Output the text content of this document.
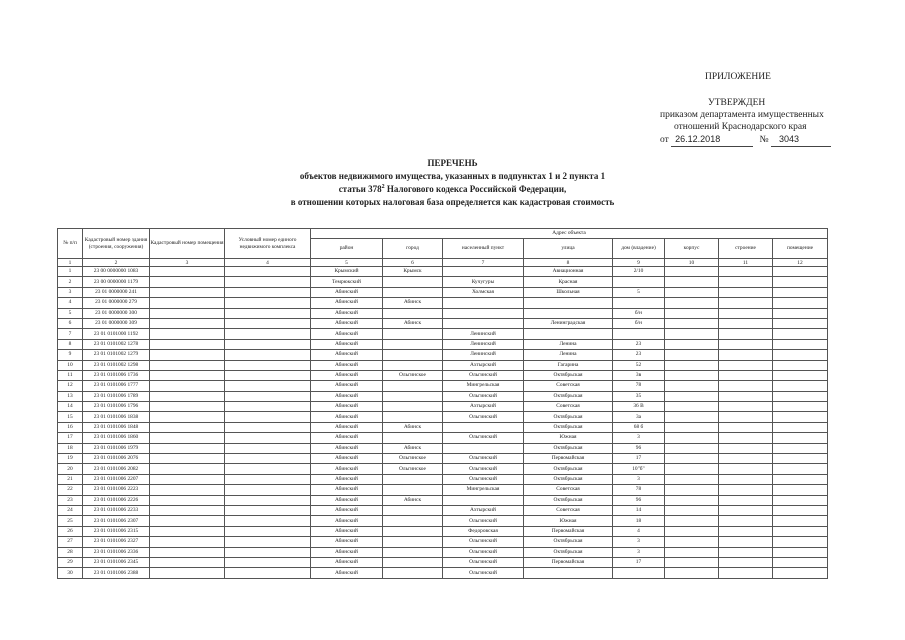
ПРИЛОЖЕНИЕ
УТВЕРЖДЕН
приказом департамента имущественных
отношений Краснодарского края
от 26.12.2018	№ 3043
ПЕРЕЧЕНЬ
объектов недвижимого имущества, указанных в подпунктах 1 и 2 пункта 1
статьи $378^2$ Налогового кодекса Российской Федерации,
в отношении которых налоговая база определяется как кадастровая стоимость
№ п/п	Кадастровый номер здания (строения, сооружения)	Кадастровый номер помещения	Условный номер единого недвижимого комплекса	Адрес объекта							
				район	город	населенный пункт	улица	дом (владение)	корпус	строение	помещение
1	2	3	4	5	6	7	8	9	10	11	12
1	23 00 0000000 1083			Крымский	Крымск		Авиационная	2/10			
2	23 00 0000000 1179			Темрюкский		Кучугуры	Красная				
3	23 01 0000000 241			Абинский		Холмская	Школьная	5			
4	23 01 0000000 279			Абинский	Абинск						
5	23 01 0000000 300			Абинский				б/н			
6	23 01 0000000 309			Абинский	Абинск		Ленинградская	б/н			
7	23 01 0101000 1192			Абинский		Ленинский					
8	23 01 0101002 1278			Абинский		Ленинский	Ленина	23			
9	23 01 0101002 1279			Абинский		Ленинский	Ленина	23			
10	23 01 0101002 1298			Абинский		Ахтырский	Гагарина	52			
11	23 01 0101006 1736			Абинский	Ольгинское	Ольгинский	Октябрьская	3в			
12	23 01 0101006 1777			Абинский		Мингрельская	Советская	78			
13	23 01 0101006 1789			Абинский		Ольгинский	Октябрьская	35			
14	23 01 0101006 1796			Абинский		Ахтырский	Советская	36 В			
15	23 01 0101006 1838			Абинский		Ольгинский	Октябрьская	3а			
16	23 01 0101006 1848			Абинский	Абинск		Октябрьская	68 б			
17	23 01 0101006 1860			Абинский		Ольгинский	Южная	3			
18	23 01 0101006 1979			Абинский	Абинск		Октябрьская	96			
19	23 01 0101006 2076			Абинский	Ольгинское	Ольгинский	Первомайская	17			
20	23 01 0101006 2082			Абинский	Ольгинское	Ольгинский	Октябрьская	10"б"			
21	23 01 0101006 2207			Абинский		Ольгинский	Октябрьская	3			
22	23 01 0101006 2223			Абинский		Мингрельская	Советская	78			
23	23 01 0101006 2226			Абинский	Абинск		Октябрьская	96			
24	23 01 0101006 2233			Абинский		Ахтырский	Советская	14			
25	23 01 0101006 2307			Абинский		Ольгинский	Южная	18			
26	23 01 0101006 2315			Абинский		Федоровская	Первомайская	4			
27	23 01 0101006 2327			Абинский		Ольгинский	Октябрьская	3			
28	23 01 0101006 2336			Абинский		Ольгинский	Октябрьская	3			
29	23 01 0101006 2345			Абинский		Ольгинский	Первомайская	17			
30	23 01 0101006 2388			Абинский		Ольгинский					
